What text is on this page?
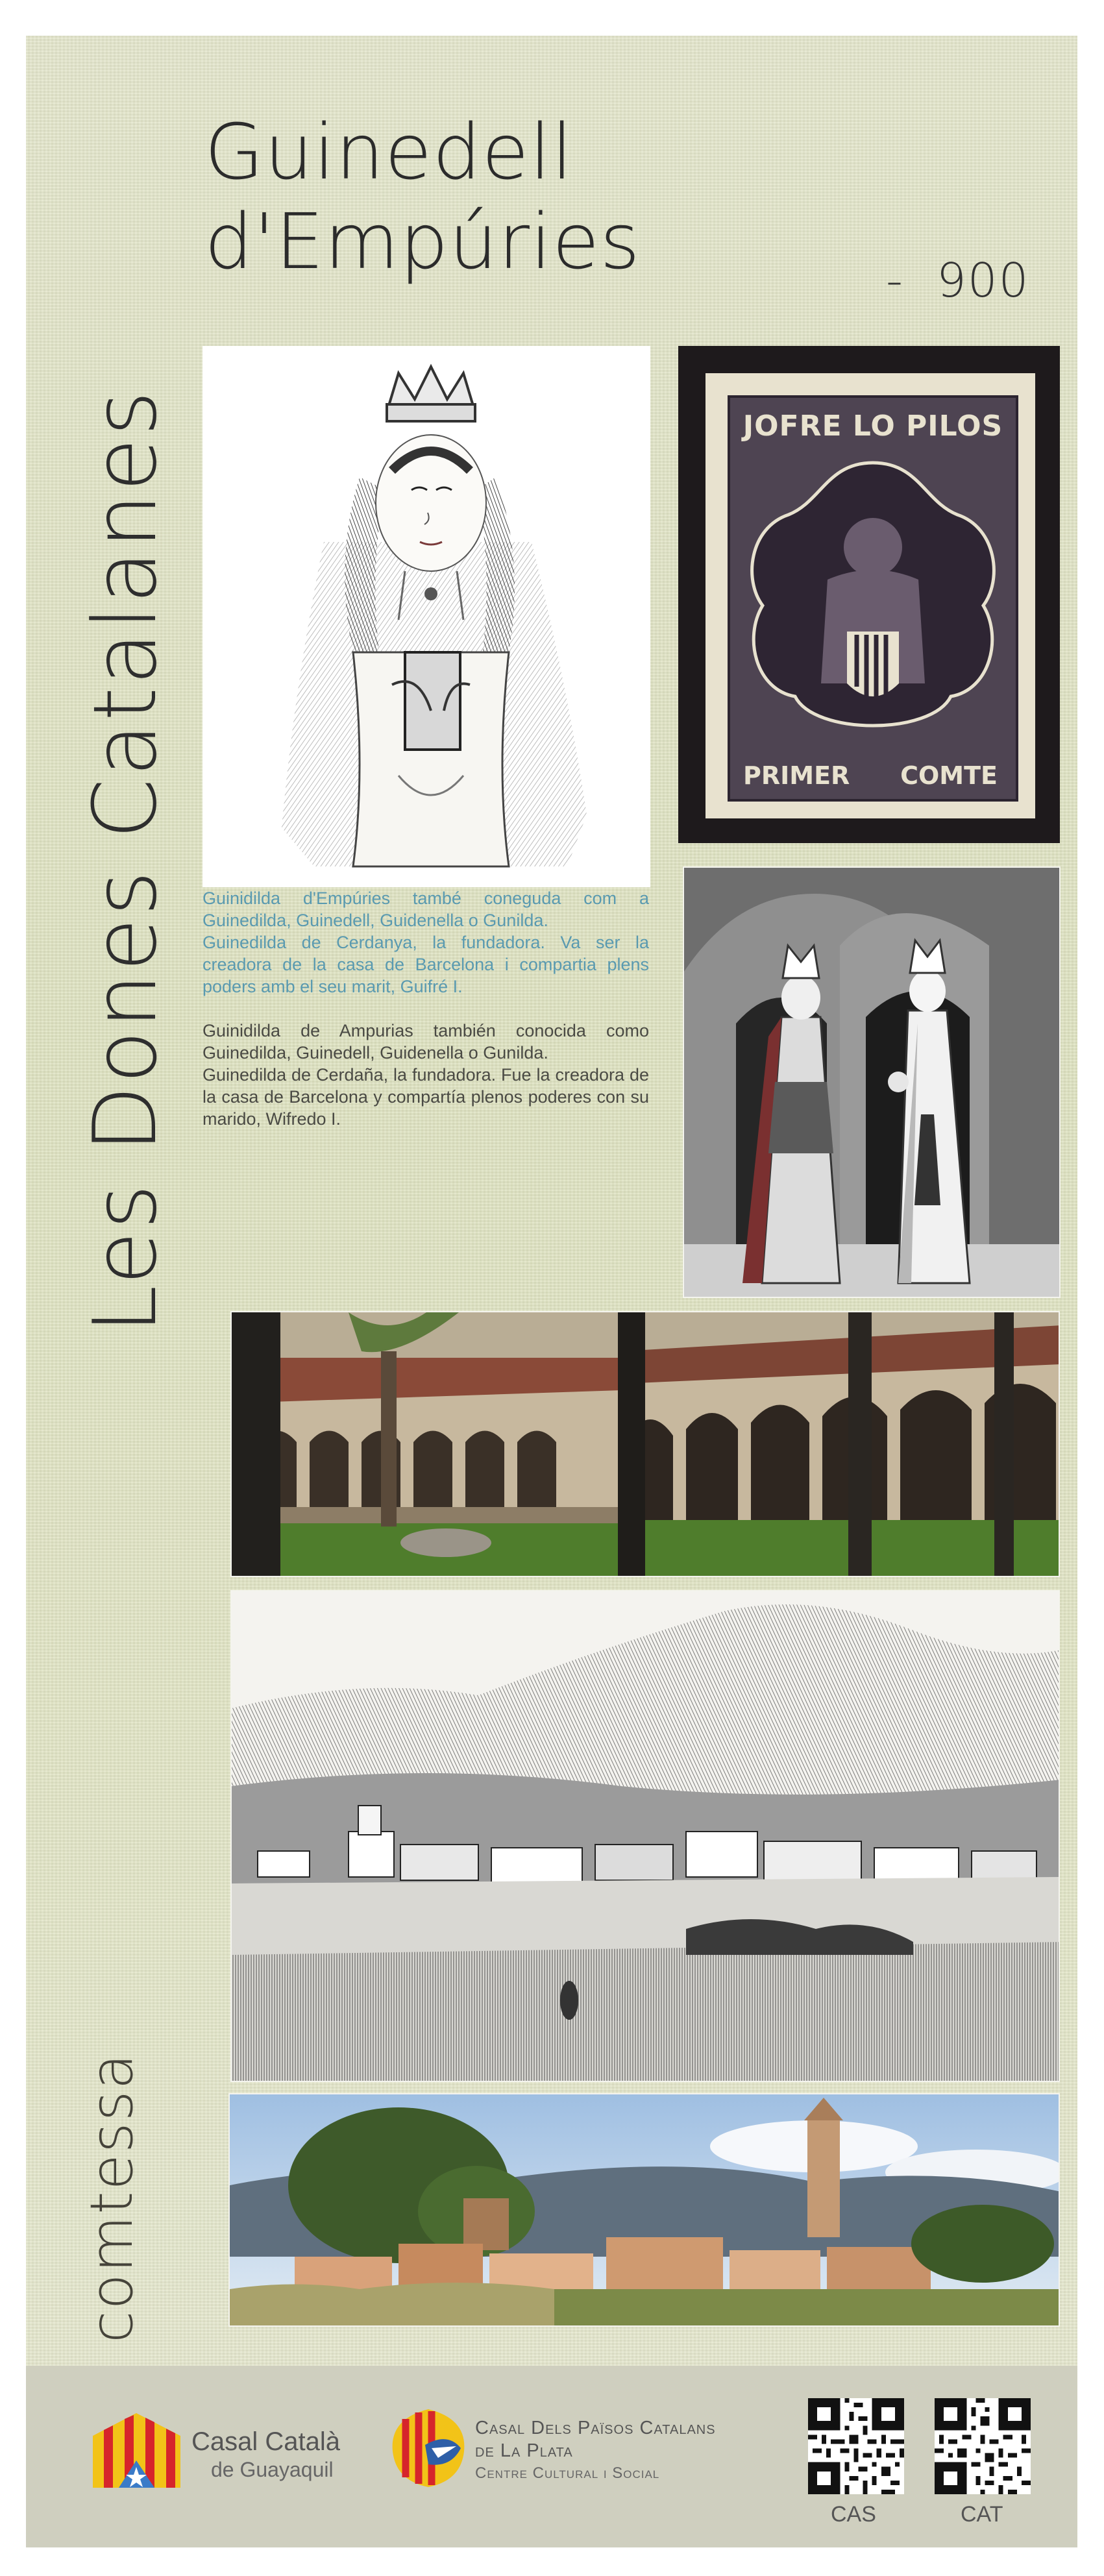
Guinedell
d'Empúries	- 900
Les Dones Catalanes
comtessa
JOFRE LO PILOS
PRIMER COMTE

Guinidilda d'Empúries també coneguda com a Guinedilda, Guinedell, Guidenella o Gunilda.

Guinedilda de Cerdanya, la fundadora. Va ser la creadora de la casa de Barcelona i compartia plens poders amb el seu marit, Guifré I.

Guinidilda de Ampurias también conocida como Guinedilda, Guinedell, Guidenella o Gunilda.

Guinedilda de Cerdaña, la fundadora. Fue la creadora de la casa de Barcelona y compartía plenos poderes con su marido, Wifredo I.

Casal Català
de Guayaquil
Casal Dels Països Catalans
de La Plata
Centre Cultural i Social
CAS	CAT
